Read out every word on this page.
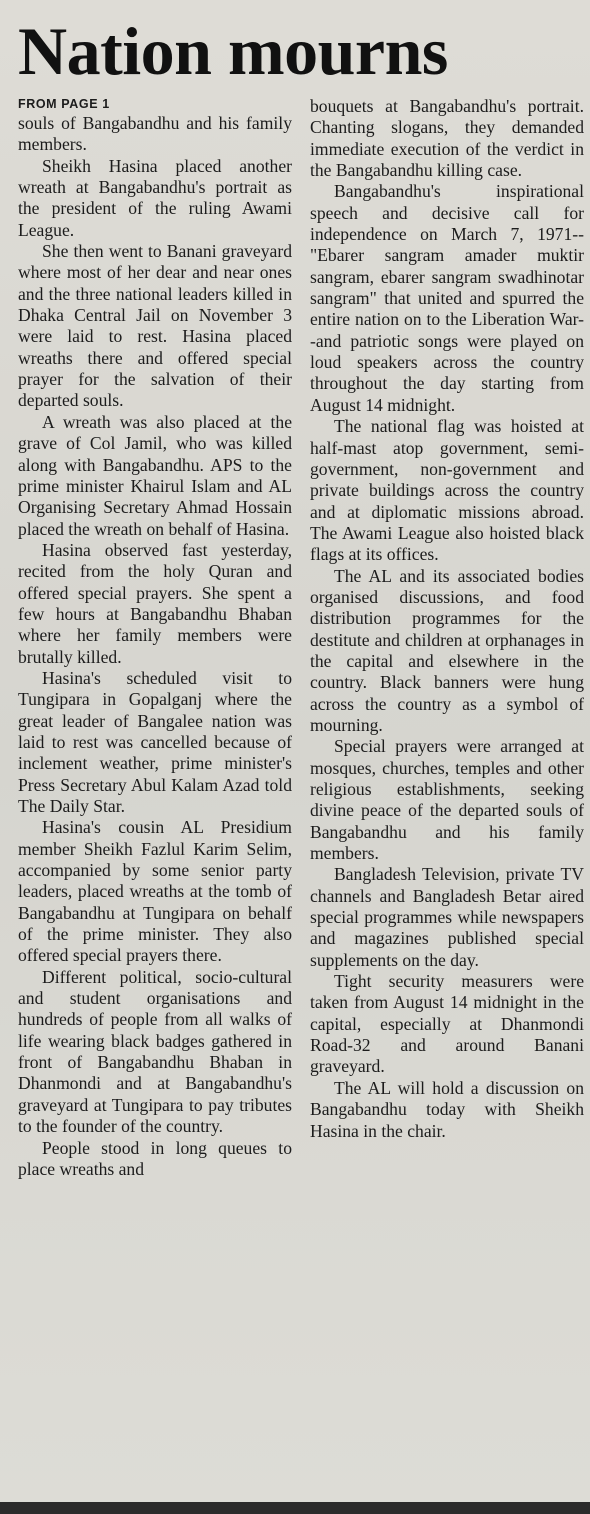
Nation mourns
FROM PAGE 1

souls of Bangabandhu and his family members.

Sheikh Hasina placed another wreath at Bangabandhu's portrait as the president of the ruling Awami League.

She then went to Banani graveyard where most of her dear and near ones and the three national leaders killed in Dhaka Central Jail on November 3 were laid to rest. Hasina placed wreaths there and offered special prayer for the salvation of their departed souls.

A wreath was also placed at the grave of Col Jamil, who was killed along with Bangabandhu. APS to the prime minister Khairul Islam and AL Organising Secretary Ahmad Hossain placed the wreath on behalf of Hasina.

Hasina observed fast yesterday, recited from the holy Quran and offered special prayers. She spent a few hours at Bangabandhu Bhaban where her family members were brutally killed.

Hasina's scheduled visit to Tungipara in Gopalganj where the great leader of Bangalee nation was laid to rest was cancelled because of inclement weather, prime minister's Press Secretary Abul Kalam Azad told The Daily Star.

Hasina's cousin AL Presidium member Sheikh Fazlul Karim Selim, accompanied by some senior party leaders, placed wreaths at the tomb of Bangabandhu at Tungipara on behalf of the prime minister. They also offered special prayers there.

Different political, socio-cultural and student organisations and hundreds of people from all walks of life wearing black badges gathered in front of Bangabandhu Bhaban in Dhanmondi and at Bangabandhu's graveyard at Tungipara to pay tributes to the founder of the country.

People stood in long queues to place wreaths and

bouquets at Bangabandhu's portrait. Chanting slogans, they demanded immediate execution of the verdict in the Bangabandhu killing case.

Bangabandhu's inspirational speech and decisive call for independence on March 7, 1971--"Ebarer sangram amader muktir sangram, ebarer sangram swadhinotar sangram" that united and spurred the entire nation on to the Liberation War--and patriotic songs were played on loud speakers across the country throughout the day starting from August 14 midnight.

The national flag was hoisted at half-mast atop government, semi-government, non-government and private buildings across the country and at diplomatic missions abroad. The Awami League also hoisted black flags at its offices.

The AL and its associated bodies organised discussions, and food distribution programmes for the destitute and children at orphanages in the capital and elsewhere in the country. Black banners were hung across the country as a symbol of mourning.

Special prayers were arranged at mosques, churches, temples and other religious establishments, seeking divine peace of the departed souls of Bangabandhu and his family members.

Bangladesh Television, private TV channels and Bangladesh Betar aired special programmes while newspapers and magazines published special supplements on the day.

Tight security measurers were taken from August 14 midnight in the capital, especially at Dhanmondi Road-32 and around Banani graveyard.

The AL will hold a discussion on Bangabandhu today with Sheikh Hasina in the chair.
